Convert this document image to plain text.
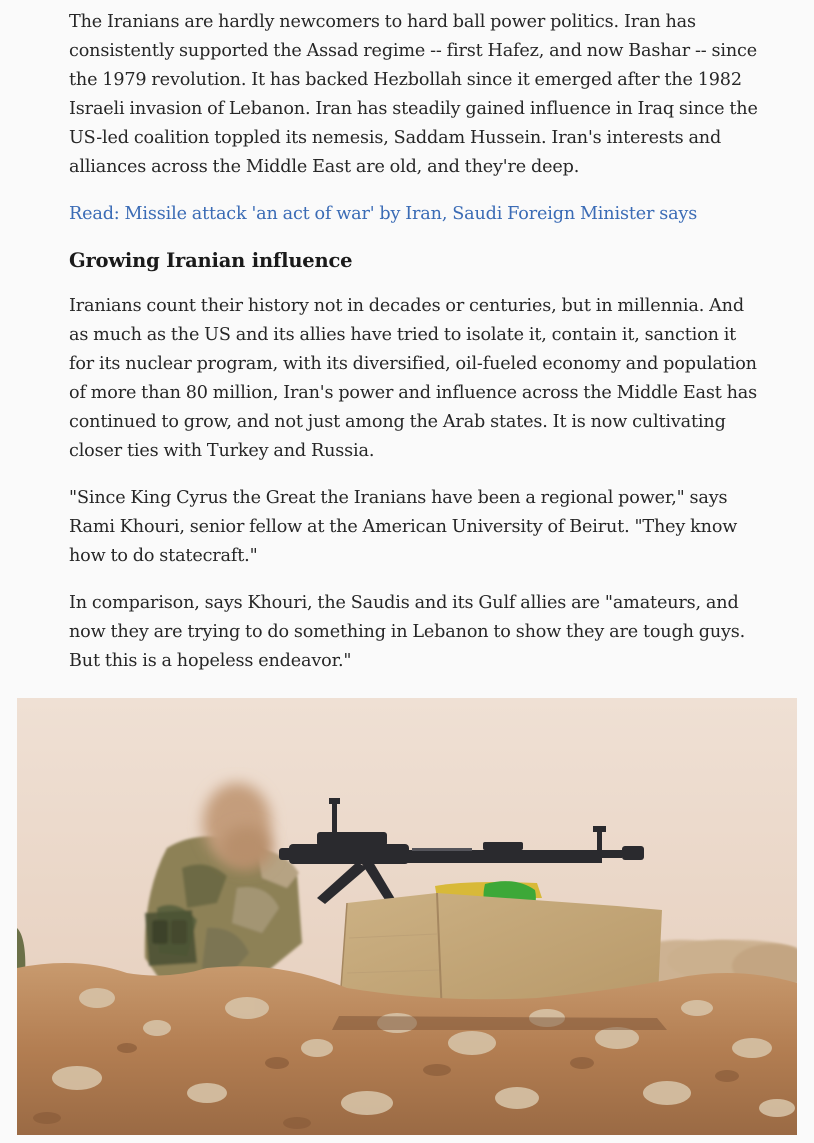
The Iranians are hardly newcomers to hard ball power politics. Iran has consistently supported the Assad regime -- first Hafez, and now Bashar -- since the 1979 revolution. It has backed Hezbollah since it emerged after the 1982 Israeli invasion of Lebanon. Iran has steadily gained influence in Iraq since the US-led coalition toppled its nemesis, Saddam Hussein. Iran's interests and alliances across the Middle East are old, and they're deep.

Read: Missile attack 'an act of war' by Iran, Saudi Foreign Minister says
Growing Iranian influence

Iranians count their history not in decades or centuries, but in millennia. And as much as the US and its allies have tried to isolate it, contain it, sanction it for its nuclear program, with its diversified, oil-fueled economy and population of more than 80 million, Iran's power and influence across the Middle East has continued to grow, and not just among the Arab states. It is now cultivating closer ties with Turkey and Russia.

"Since King Cyrus the Great the Iranians have been a regional power," says Rami Khouri, senior fellow at the American University of Beirut. "They know how to do statecraft."

In comparison, says Khouri, the Saudis and its Gulf allies are "amateurs, and now they are trying to do something in Lebanon to show they are tough guys. But this is a hopeless endeavor."
